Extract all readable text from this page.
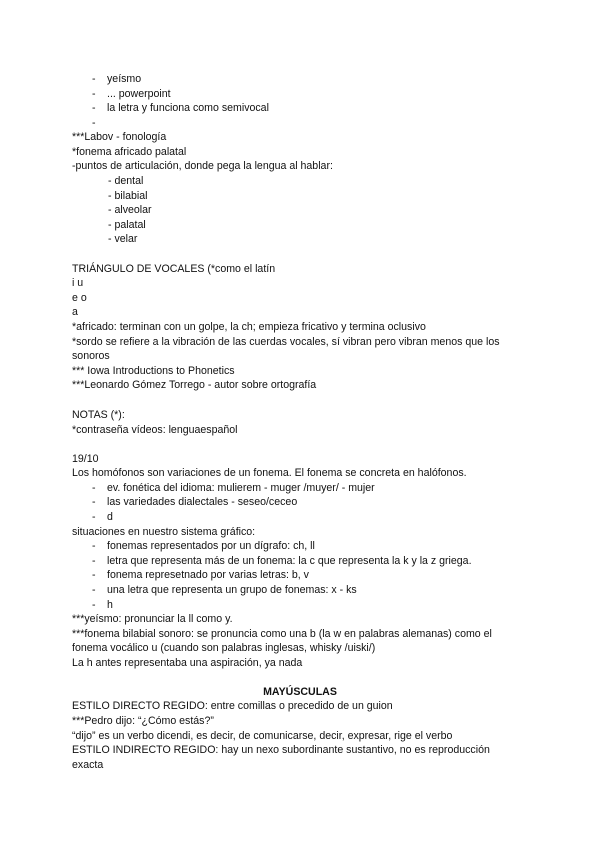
- yeísmo
- ... powerpoint
- la letra y funciona como semivocal
-
***Labov - fonología
*fonema africado palatal
-puntos de articulación, donde pega la lengua al hablar:
- dental
- bilabial
- alveolar
- palatal
- velar
TRIÁNGULO DE VOCALES (*como el latín
i u
e o
a
*africado: terminan con un golpe, la ch; empieza fricativo y termina oclusivo
*sordo se refiere a la vibración de las cuerdas vocales, sí vibran pero vibran menos que los
sonoros
*** Iowa Introductions to Phonetics
***Leonardo Gómez Torrego - autor sobre ortografía
NOTAS (*):
*contraseña vídeos: lenguaespañol
19/10
Los homófonos son variaciones de un fonema. El fonema se concreta en halófonos.
- ev. fonética del idioma: mulierem - muger /muyer/ - mujer
- las variedades dialectales - seseo/ceceo
- d
situaciones en nuestro sistema gráfico:
- fonemas representados por un dígrafo: ch, ll
- letra que representa más de un fonema: la c que representa la k y la z griega.
- fonema represetnado por varias letras: b, v
- una letra que representa un grupo de fonemas: x - ks
- h
***yeísmo: pronunciar la ll como y.
***fonema bilabial sonoro: se pronuncia como una b (la w en palabras alemanas) como el
fonema vocálico u (cuando son palabras inglesas, whisky /uiski/)
La h antes representaba una aspiración, ya nada
MAYÚSCULAS
ESTILO DIRECTO REGIDO: entre comillas o precedido de un guion
***Pedro dijo: “¿Cómo estás?”
“dijo” es un verbo dicendi, es decir, de comunicarse, decir, expresar, rige el verbo
ESTILO INDIRECTO REGIDO: hay un nexo subordinante sustantivo, no es reproducción
exacta
